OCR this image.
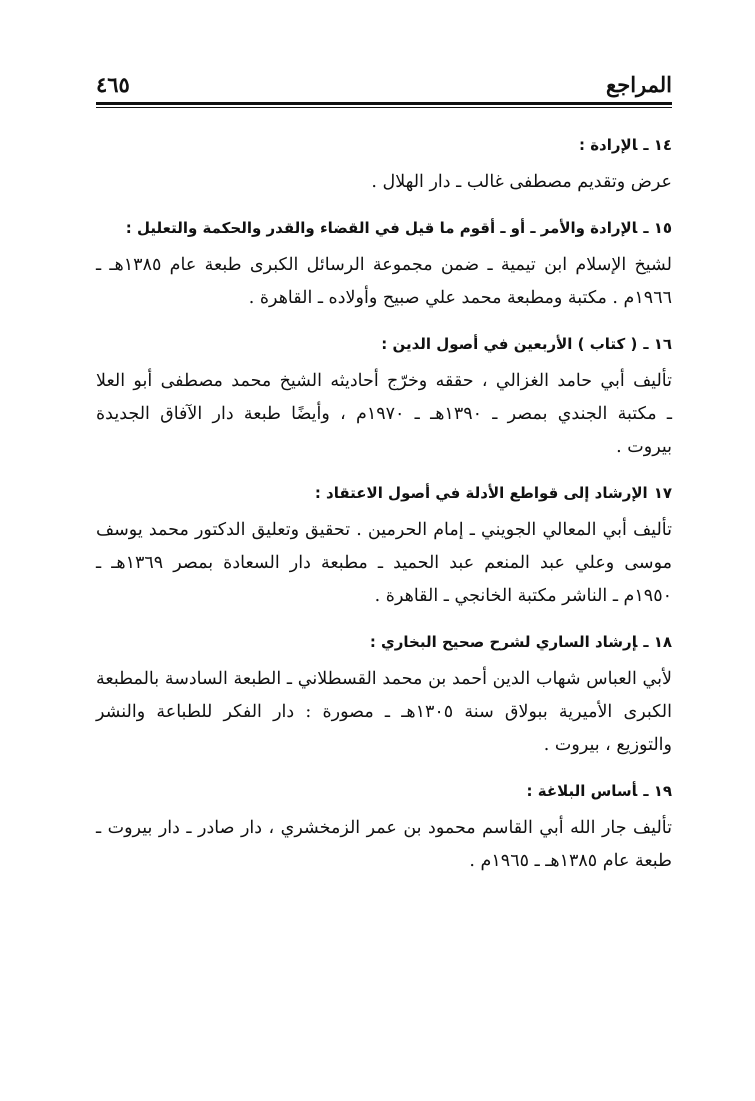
المراجع
٤٦٥
١٤ ـالإرادة :
عرض وتقديم مصطفى غالب ـ دار الهلال .
١٥ ـالإرادة والأمر ـ أو ـ أقوم ما قيل في القضاء والقدر والحكمة والتعليل :
لشيخ الإسلام ابن تيمية ـ ضمن مجموعة الرسائل الكبرى طبعة عام ١٣٨٥هـ ـ
١٩٦٦م . مكتبة ومطبعة محمد علي صبيح وأولاده ـ القاهرة .
١٦ ـ( كتاب ) الأربعين في أصول الدين :
تأليف أبي حامد الغزالي ، حققه وخرّج أحاديثه الشيخ محمد مصطفى أبو العلا
ـ مكتبة الجندي بمصر ـ ١٣٩٠هـ ـ ١٩٧٠م ، وأيضًا طبعة دار الآفاق الجديدة
بيروت .
١٧الإرشاد إلى قواطع الأدلة في أصول الاعتقاد :
تأليف أبي المعالي الجويني ـ إمام الحرمين . تحقيق وتعليق الدكتور محمد يوسف
موسى وعلي عبد المنعم عبد الحميد ـ مطبعة دار السعادة بمصر ١٣٦٩هـ ـ
١٩٥٠م ـ الناشر مكتبة الخانجي ـ القاهرة .
١٨ ـإرشاد الساري لشرح صحيح البخاري :
لأبي العباس شهاب الدين أحمد بن محمد القسطلاني ـ الطبعة السادسة بالمطبعة
الكبرى الأميرية ببولاق سنة ١٣٠٥هـ ـ مصورة : دار الفكر للطباعة والنشر
والتوزيع ، بيروت .
١٩ ـأساس البلاغة :
تأليف جار الله أبي القاسم محمود بن عمر الزمخشري ، دار صادر ـ دار بيروت ـ
طبعة عام ١٣٨٥هـ ـ ١٩٦٥م .
